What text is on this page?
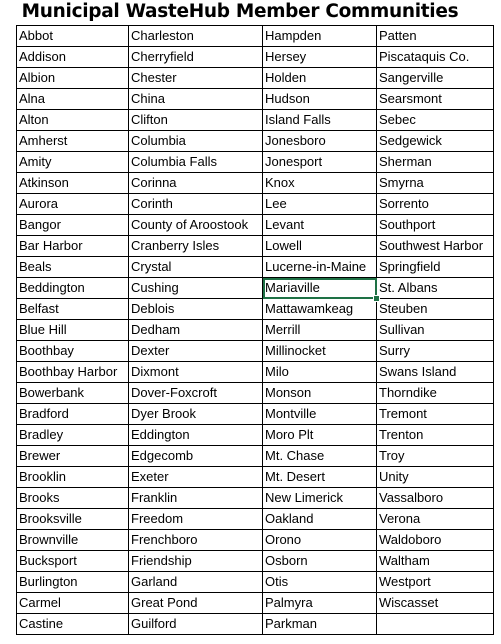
Municipal WasteHub Member Communities
Abbot	Charleston	Hampden	Patten
Addison	Cherryfield	Hersey	Piscataquis Co.
Albion	Chester	Holden	Sangerville
Alna	China	Hudson	Searsmont
Alton	Clifton	Island Falls	Sebec
Amherst	Columbia	Jonesboro	Sedgewick
Amity	Columbia Falls	Jonesport	Sherman
Atkinson	Corinna	Knox	Smyrna
Aurora	Corinth	Lee	Sorrento
Bangor	County of Aroostook	Levant	Southport
Bar Harbor	Cranberry Isles	Lowell	Southwest Harbor
Beals	Crystal	Lucerne-in-Maine	Springfield
Beddington	Cushing	Mariaville	St. Albans
Belfast	Deblois	Mattawamkeag	Steuben
Blue Hill	Dedham	Merrill	Sullivan
Boothbay	Dexter	Millinocket	Surry
Boothbay Harbor	Dixmont	Milo	Swans Island
Bowerbank	Dover-Foxcroft	Monson	Thorndike
Bradford	Dyer Brook	Montville	Tremont
Bradley	Eddington	Moro Plt	Trenton
Brewer	Edgecomb	Mt. Chase	Troy
Brooklin	Exeter	Mt. Desert	Unity
Brooks	Franklin	New Limerick	Vassalboro
Brooksville	Freedom	Oakland	Verona
Brownville	Frenchboro	Orono	Waldoboro
Bucksport	Friendship	Osborn	Waltham
Burlington	Garland	Otis	Westport
Carmel	Great Pond	Palmyra	Wiscasset
Castine	Guilford	Parkman	
